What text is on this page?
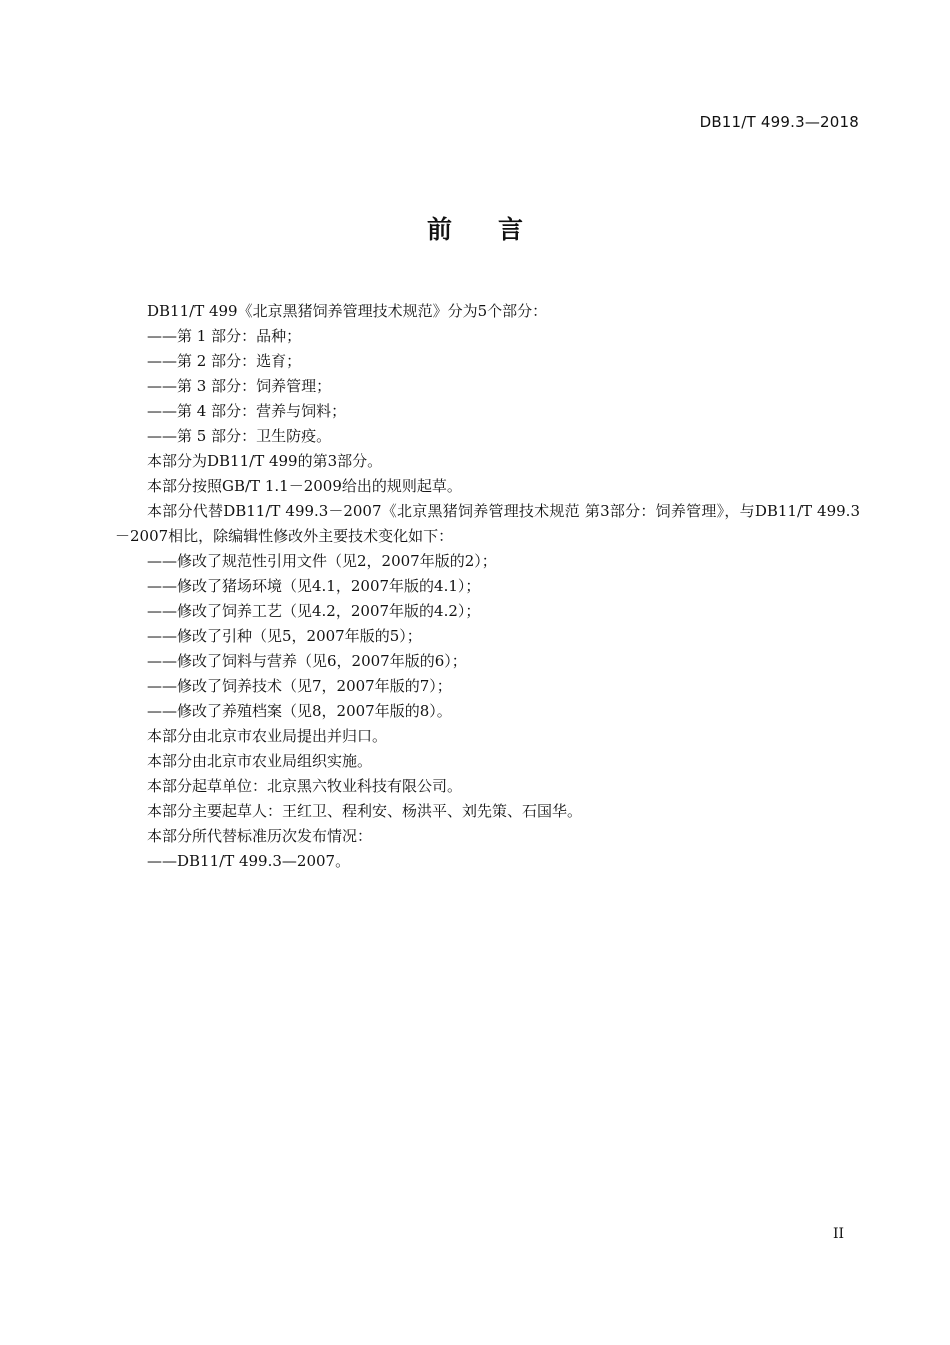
DB11/T 499.3—2018
前言

DB11/T 499《北京黑猪饲养管理技术规范》分为5个部分：

——第 1 部分：品种；

——第 2 部分：选育；

——第 3 部分：饲养管理；

——第 4 部分：营养与饲料；

——第 5 部分：卫生防疫。

本部分为DB11/T 499的第3部分。

本部分按照GB/T 1.1－2009给出的规则起草。

本部分代替DB11/T 499.3－2007《北京黑猪饲养管理技术规范 第3部分：饲养管理》，与DB11/T 499.3－2007相比，除编辑性修改外主要技术变化如下：

——修改了规范性引用文件（见2，2007年版的2）；

——修改了猪场环境（见4.1，2007年版的4.1）；

——修改了饲养工艺（见4.2，2007年版的4.2）；

——修改了引种（见5，2007年版的5）；

——修改了饲料与营养（见6，2007年版的6）；

——修改了饲养技术（见7，2007年版的7）；

——修改了养殖档案（见8，2007年版的8）。

本部分由北京市农业局提出并归口。

本部分由北京市农业局组织实施。

本部分起草单位：北京黑六牧业科技有限公司。

本部分主要起草人：王红卫、程利安、杨洪平、刘先策、石国华。

本部分所代替标准历次发布情况：

——DB11/T 499.3—2007。

II
